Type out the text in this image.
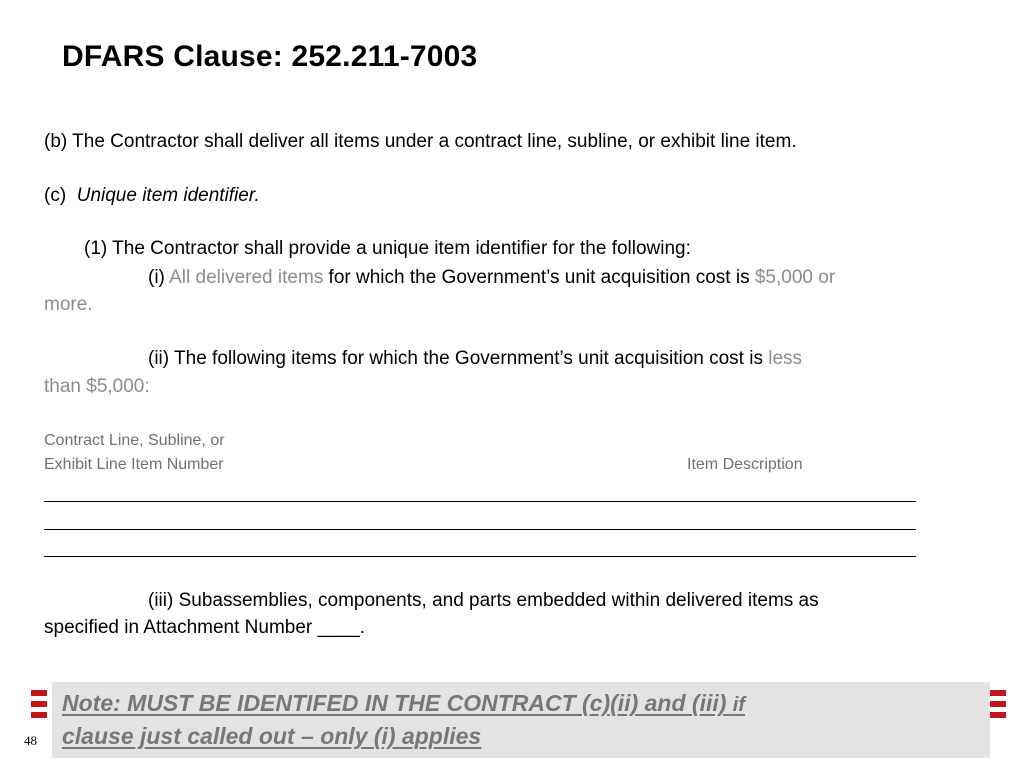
DFARS Clause: 252.211-7003
(b) The Contractor shall deliver all items under a contract line, subline, or exhibit line item.
(c) Unique item identifier.
(1) The Contractor shall provide a unique item identifier for the following:
(i) All delivered items for which the Government’s unit acquisition cost is $5,000 or
more.
(ii) The following items for which the Government’s unit acquisition cost is less
than $5,000:
Contract Line, Subline, or
Exhibit Line Item Number	Item Description
(iii) Subassemblies, components, and parts embedded within delivered items as
specified in Attachment Number ____.
Note: MUST BE IDENTIFED IN THE CONTRACT (c)(ii) and (iii) if
clause just called out – only (i) applies
48
